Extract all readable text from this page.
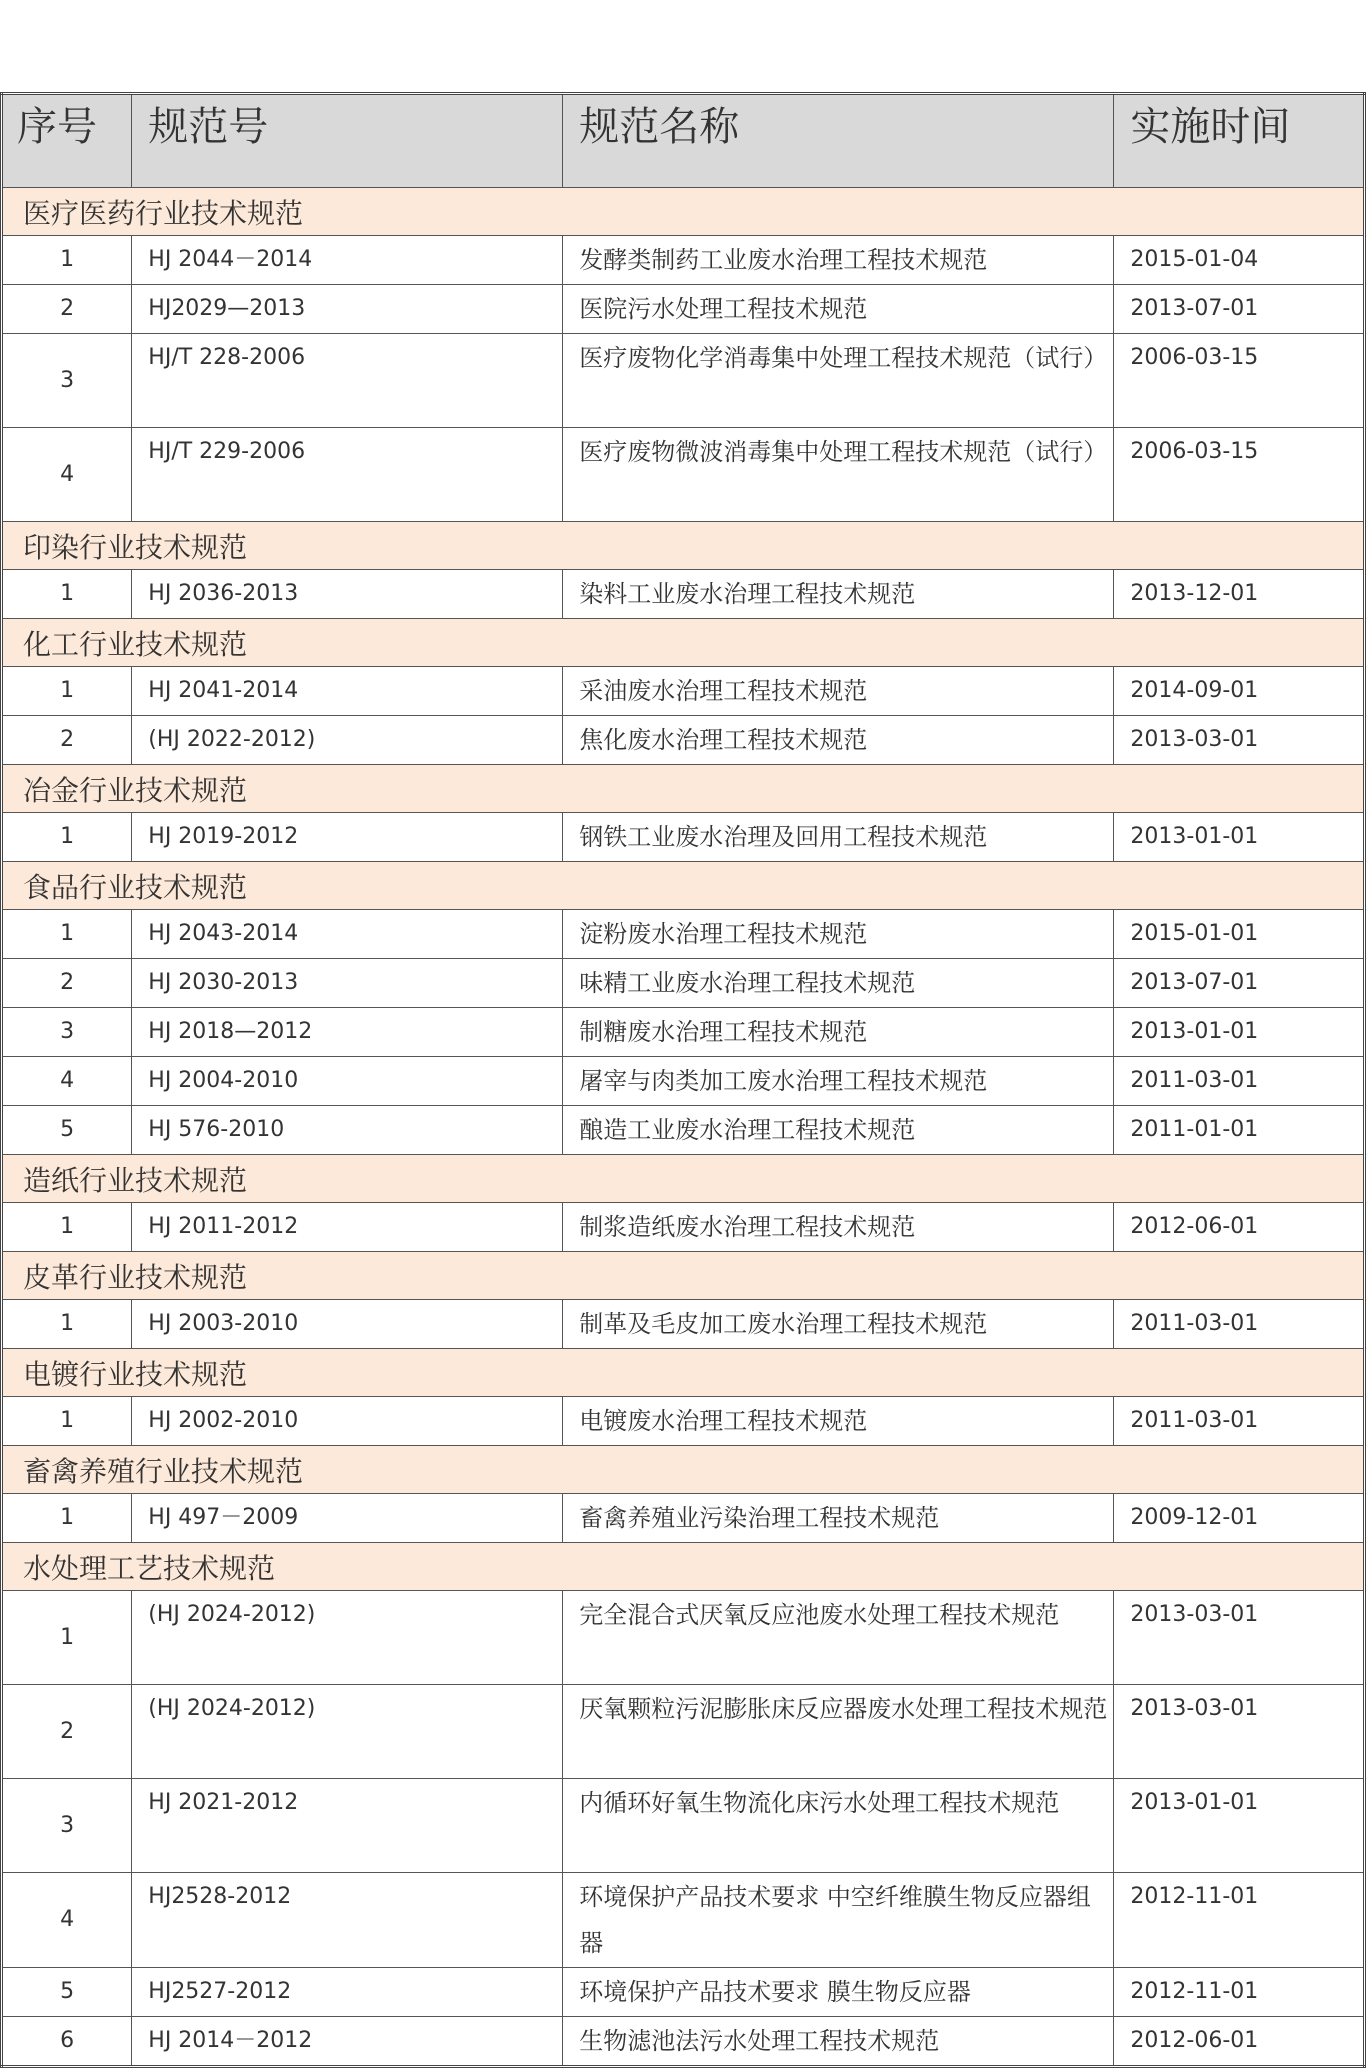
序号	规范号	规范名称	实施时间
医疗医药行业技术规范			
1	HJ 2044－2014	发酵类制药工业废水治理工程技术规范	2015-01-04
2	HJ2029—2013	医院污水处理工程技术规范	2013-07-01
3	HJ/T 228-2006	医疗废物化学消毒集中处理工程技术规范（试行）	2006-03-15
4	HJ/T 229-2006	医疗废物微波消毒集中处理工程技术规范（试行）	2006-03-15
印染行业技术规范			
1	HJ 2036-2013	染料工业废水治理工程技术规范	2013-12-01
化工行业技术规范			
1	HJ 2041-2014	采油废水治理工程技术规范	2014-09-01
2	(HJ 2022-2012)	焦化废水治理工程技术规范	2013-03-01
冶金行业技术规范			
1	HJ 2019-2012	钢铁工业废水治理及回用工程技术规范	2013-01-01
食品行业技术规范			
1	HJ 2043-2014	淀粉废水治理工程技术规范	2015-01-01
2	HJ 2030-2013	味精工业废水治理工程技术规范	2013-07-01
3	HJ 2018—2012	制糖废水治理工程技术规范	2013-01-01
4	HJ 2004-2010	屠宰与肉类加工废水治理工程技术规范	2011-03-01
5	HJ 576-2010	酿造工业废水治理工程技术规范	2011-01-01
造纸行业技术规范			
1	HJ 2011-2012	制浆造纸废水治理工程技术规范	2012-06-01
皮革行业技术规范			
1	HJ 2003-2010	制革及毛皮加工废水治理工程技术规范	2011-03-01
电镀行业技术规范			
1	HJ 2002-2010	电镀废水治理工程技术规范	2011-03-01
畜禽养殖行业技术规范			
1	HJ 497－2009	畜禽养殖业污染治理工程技术规范	2009-12-01
水处理工艺技术规范			
1	(HJ 2024-2012)	完全混合式厌氧反应池废水处理工程技术规范	2013-03-01
2	(HJ 2024-2012)	厌氧颗粒污泥膨胀床反应器废水处理工程技术规范	2013-03-01
3	HJ 2021-2012	内循环好氧生物流化床污水处理工程技术规范	2013-01-01
4	HJ2528-2012	环境保护产品技术要求 中空纤维膜生物反应器组器	2012-11-01
5	HJ2527-2012	环境保护产品技术要求 膜生物反应器	2012-11-01
6	HJ 2014－2012	生物滤池法污水处理工程技术规范	2012-06-01
